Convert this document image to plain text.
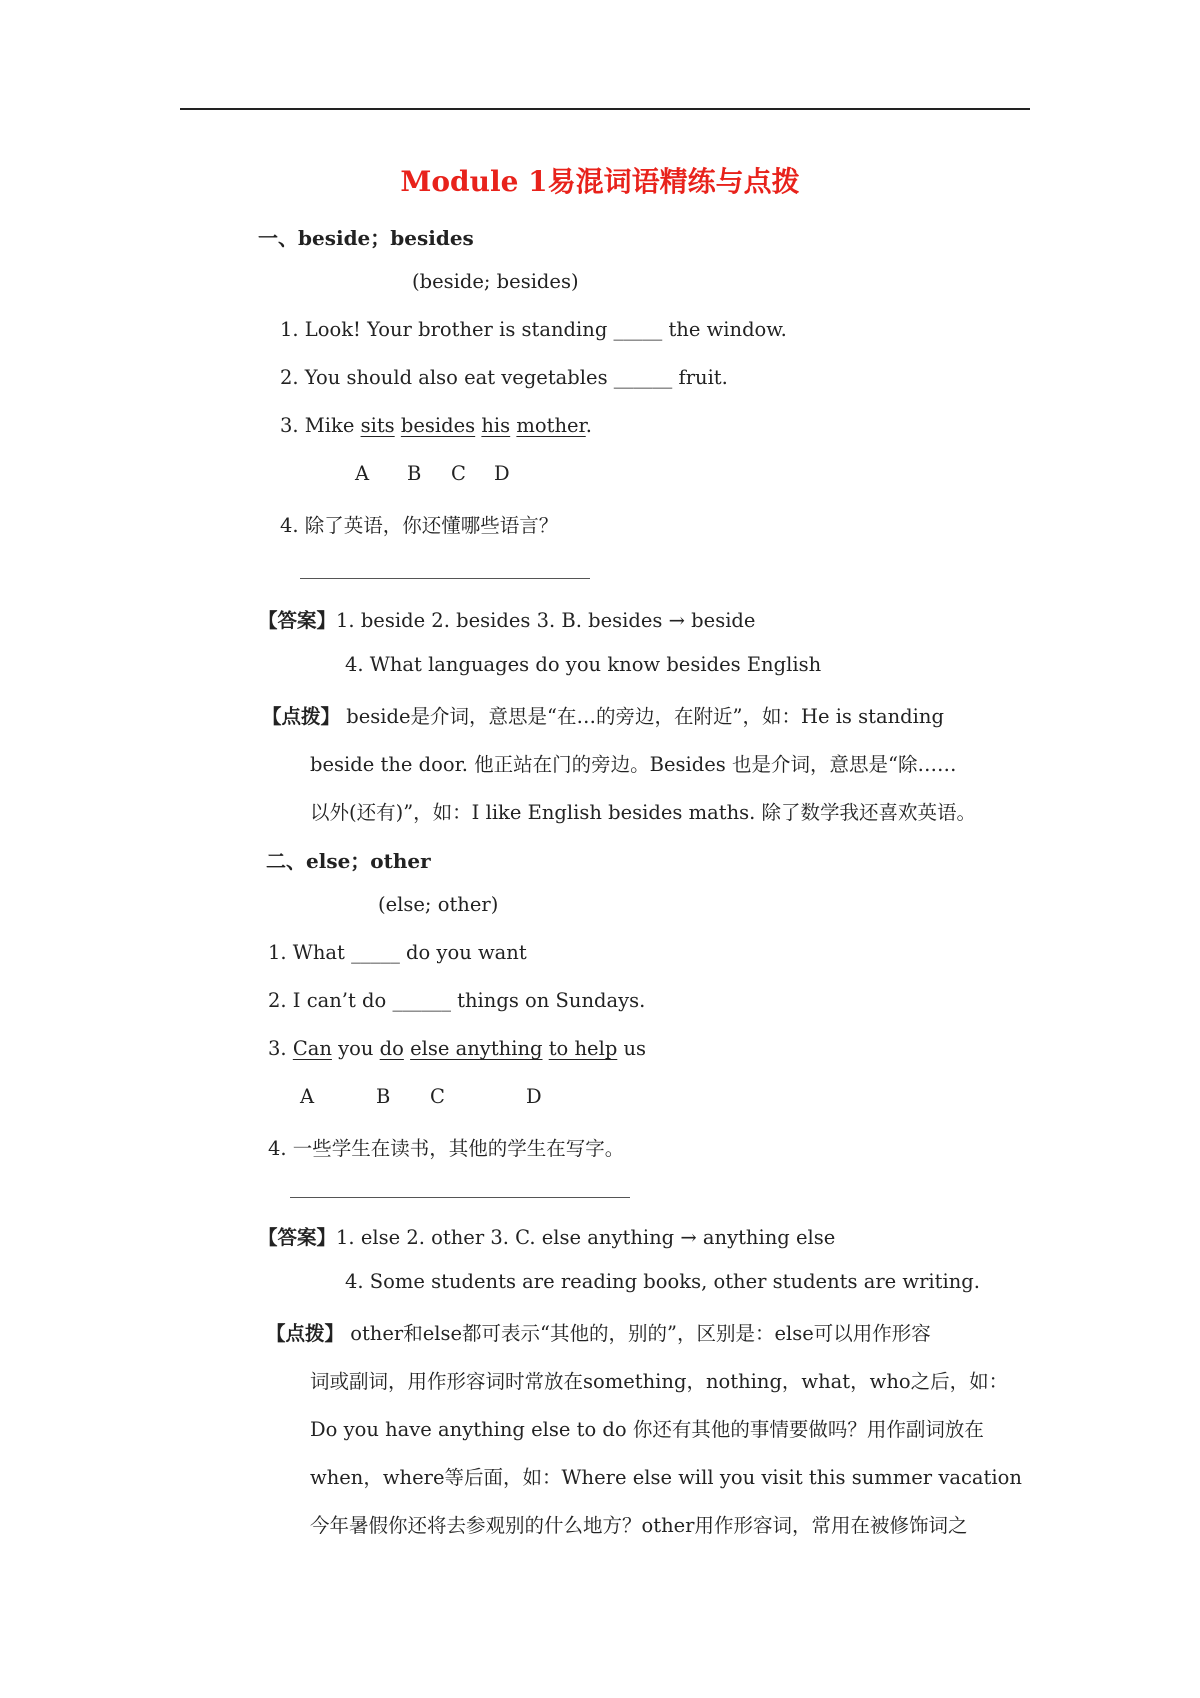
Module 1易混词语精练与点拨
一、beside；besides
(beside; besides)
1. Look! Your brother is standing _____ the window.
2. You should also eat vegetables ______ fruit.
3. Mike sits besides his mother.
A B C D
4. 除了英语，你还懂哪些语言？
【答案】1. beside 2. besides 3. B. besides → beside
4. What languages do you know besides English
【点拨】 beside是介词，意思是“在…的旁边，在附近”，如：He is standing
beside the door. 他正站在门的旁边。Besides 也是介词，意思是“除……
以外(还有)”，如：I like English besides maths. 除了数学我还喜欢英语。
二、else；other
(else; other)
1. What _____ do you want
2. I can’t do ______ things on Sundays.
3. Can you do else anything to help us
A	B C	D
4. 一些学生在读书，其他的学生在写字。
【答案】1. else 2. other 3. C. else anything → anything else
4. Some students are reading books, other students are writing.
【点拨】 other和else都可表示“其他的，别的”，区别是：else可以用作形容
词或副词，用作形容词时常放在something，nothing，what，who之后，如：
Do you have anything else to do 你还有其他的事情要做吗？用作副词放在
when，where等后面，如：Where else will you visit this summer vacation
今年暑假你还将去参观别的什么地方？other用作形容词，常用在被修饰词之
